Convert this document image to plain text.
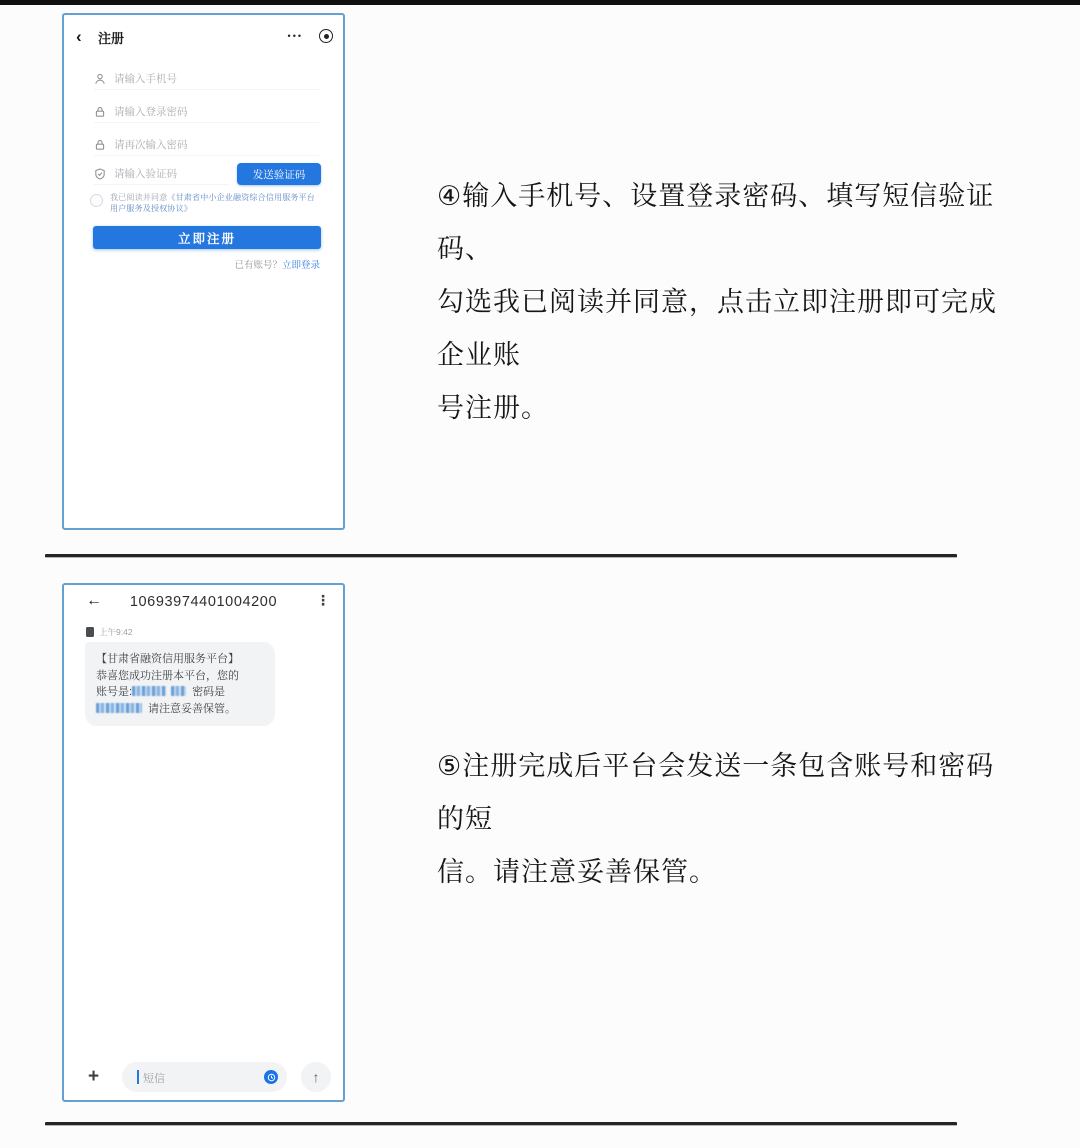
‹ 注册	•••
请输入手机号
请输入登录密码
请再次输入密码
请输入验证码	发送验证码
我已阅读并同意《甘肃省中小企业融资综合信用服务平台用户服务及授权协议》
立即注册
已有账号？立即登录
④输入手机号、设置登录密码、填写短信验证码、
勾选我已阅读并同意，点击立即注册即可完成企业账
号注册。
←	10693974401004200	⋮
上午9:42
【甘肃省融资信用服务平台】
恭喜您成功注册本平台，您的
账号是:	密码是
请注意妥善保管。
+	短信	↑
⑤注册完成后平台会发送一条包含账号和密码的短
信。请注意妥善保管。
